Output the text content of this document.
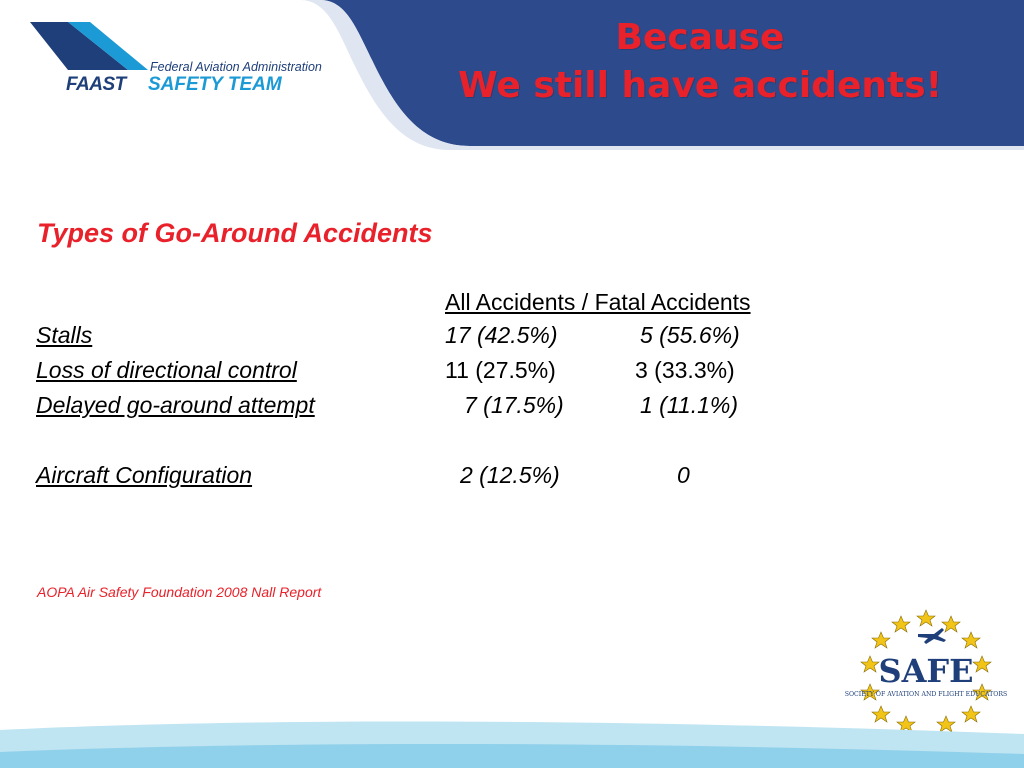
Federal Aviation Administration
FAAST SAFETY TEAM
Because
We still have accidents!
Types of Go-Around Accidents
All Accidents / Fatal Accidents
Stalls	17 (42.5%)	5 (55.6%)
Loss of directional control	11 (27.5%)	3 (33.3%)
Delayed go-around attempt	7 (17.5%)	1 (11.1%)
Aircraft Configuration	2 (12.5%)	0
AOPA Air Safety Foundation 2008 Nall Report
SAFE
SOCIETY OF AVIATION AND FLIGHT EDUCATORS
